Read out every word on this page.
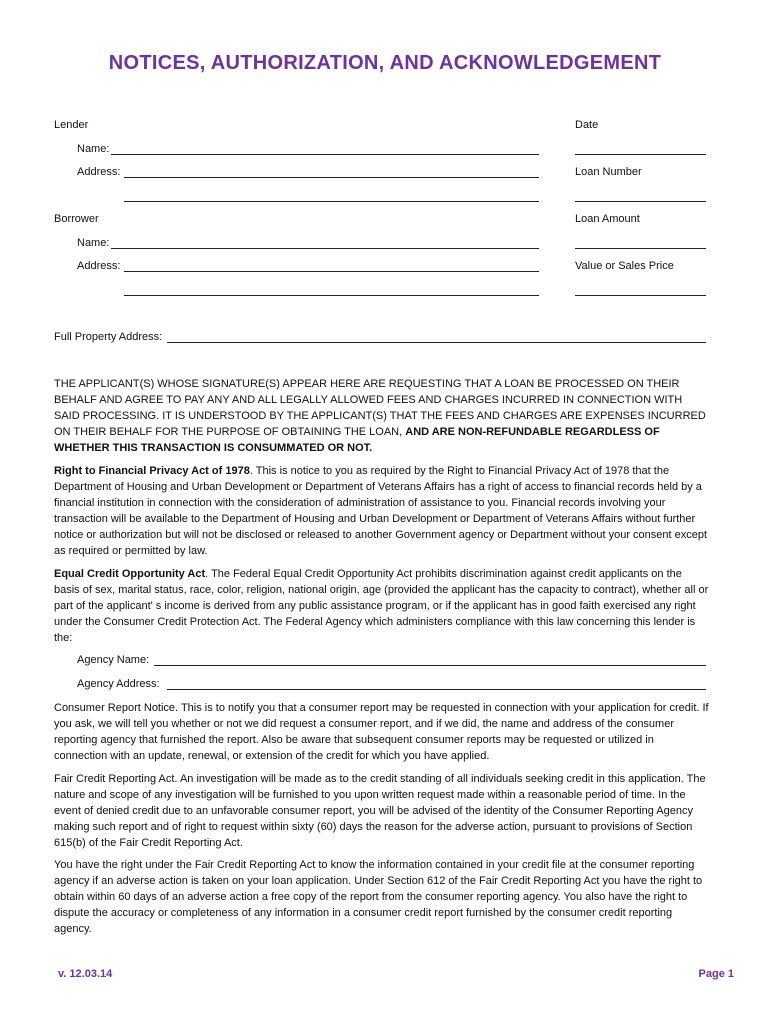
NOTICES, AUTHORIZATION, AND ACKNOWLEDGEMENT
Lender
Name:
Address:
Borrower
Name:
Address:
Date
Loan Number
Loan Amount
Value or Sales Price
Full Property Address:
THE APPLICANT(S) WHOSE SIGNATURE(S) APPEAR HERE ARE REQUESTING THAT A LOAN BE PROCESSED ON THEIR BEHALF AND AGREE TO PAY ANY AND ALL LEGALLY ALLOWED FEES AND CHARGES INCURRED IN CONNECTION WITH SAID PROCESSING. IT IS UNDERSTOOD BY THE APPLICANT(S) THAT THE FEES AND CHARGES ARE EXPENSES INCURRED ON THEIR BEHALF FOR THE PURPOSE OF OBTAINING THE LOAN, AND ARE NON-REFUNDABLE REGARDLESS OF WHETHER THIS TRANSACTION IS CONSUMMATED OR NOT.
Right to Financial Privacy Act of 1978. This is notice to you as required by the Right to Financial Privacy Act of 1978 that the Department of Housing and Urban Development or Department of Veterans Affairs has a right of access to financial records held by a financial institution in connection with the consideration of administration of assistance to you. Financial records involving your transaction will be available to the Department of Housing and Urban Development or Department of Veterans Affairs without further notice or authorization but will not be disclosed or released to another Government agency or Department without your consent except as required or permitted by law.
Equal Credit Opportunity Act. The Federal Equal Credit Opportunity Act prohibits discrimination against credit applicants on the basis of sex, marital status, race, color, religion, national origin, age (provided the applicant has the capacity to contract), whether all or part of the applicant' s income is derived from any public assistance program, or if the applicant has in good faith exercised any right under the Consumer Credit Protection Act. The Federal Agency which administers compliance with this law concerning this lender is the:
Agency Name:
Agency Address:
Consumer Report Notice. This is to notify you that a consumer report may be requested in connection with your application for credit. If you ask, we will tell you whether or not we did request a consumer report, and if we did, the name and address of the consumer reporting agency that furnished the report. Also be aware that subsequent consumer reports may be requested or utilized in connection with an update, renewal, or extension of the credit for which you have applied.
Fair Credit Reporting Act. An investigation will be made as to the credit standing of all individuals seeking credit in this application. The nature and scope of any investigation will be furnished to you upon written request made within a reasonable period of time. In the event of denied credit due to an unfavorable consumer report, you will be advised of the identity of the Consumer Reporting Agency making such report and of right to request within sixty (60) days the reason for the adverse action, pursuant to provisions of Section 615(b) of the Fair Credit Reporting Act.
You have the right under the Fair Credit Reporting Act to know the information contained in your credit file at the consumer reporting agency if an adverse action is taken on your loan application. Under Section 612 of the Fair Credit Reporting Act you have the right to obtain within 60 days of an adverse action a free copy of the report from the consumer reporting agency. You also have the right to dispute the accuracy or completeness of any information in a consumer credit report furnished by the consumer credit reporting agency.
v. 12.03.14	Page 1
